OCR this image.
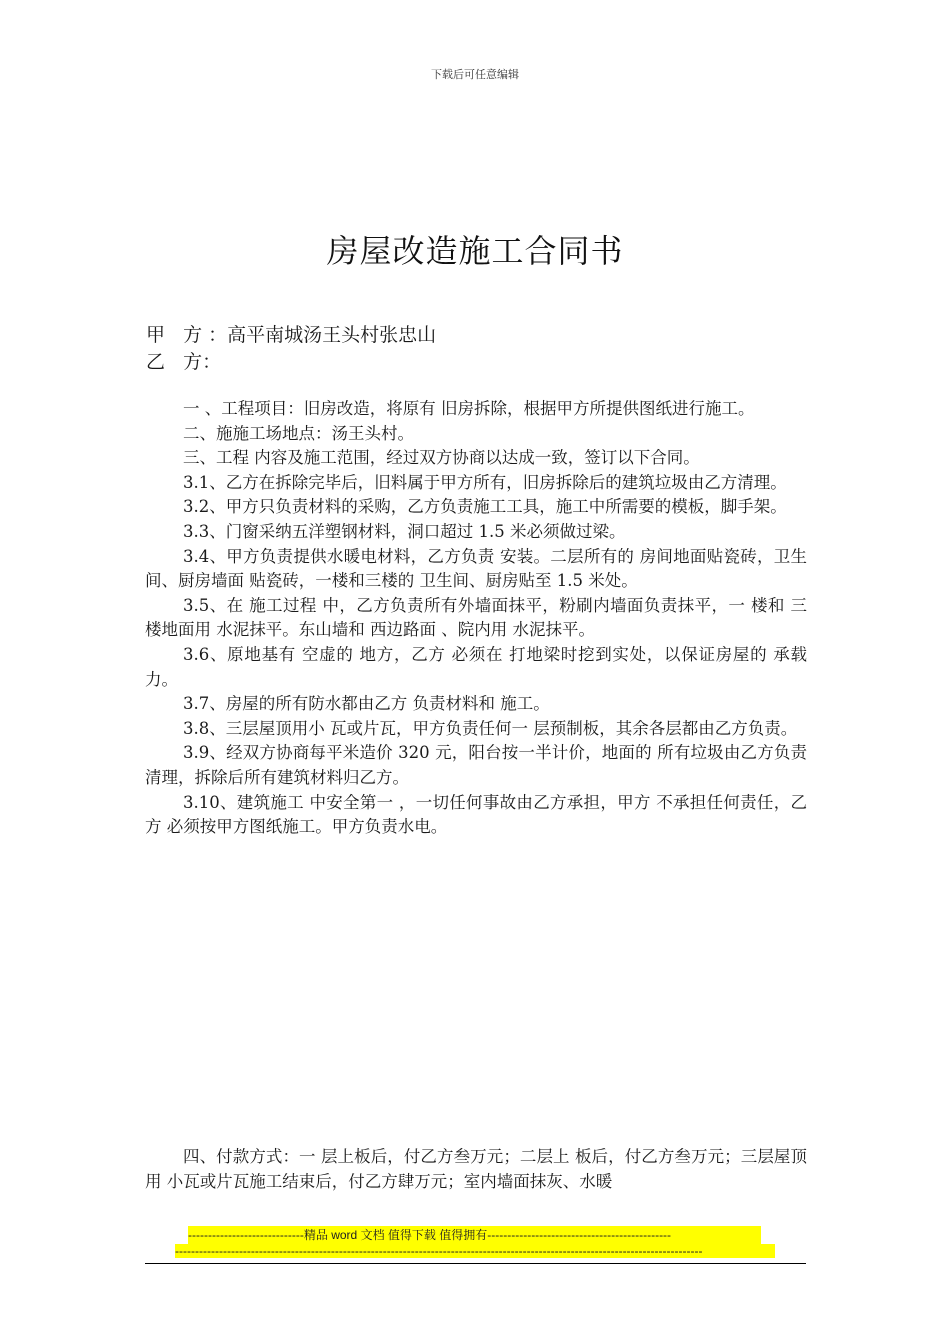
下载后可任意编辑
房屋改造施工合同书
甲   方 ：高平南城汤王头村张忠山
乙   方：

一 、工程项目：旧房改造，将原有 旧房拆除，根据甲方所提供图纸进行施工。

二、施施工场地点：汤王头村。

三、工程 内容及施工范围，经过双方协商以达成一致，签订以下合同。

3.1、乙方在拆除完毕后，旧料属于甲方所有，旧房拆除后的建筑垃圾由乙方清理。

3.2、甲方只负责材料的采购，乙方负责施工工具，施工中所需要的模板，脚手架。

3.3、门窗采纳五洋塑钢材料，洞口超过 1.5 米必须做过梁。

3.4、甲方负责提供水暖电材料，乙方负责 安装。二层所有的 房间地面贴瓷砖，卫生间、厨房墙面 贴瓷砖，一楼和三楼的 卫生间、厨房贴至 1.5 米处。

3.5、在 施工过程 中，乙方负责所有外墙面抹平，粉刷内墙面负责抹平，一 楼和 三楼地面用 水泥抹平。东山墙和 西边路面 、院内用 水泥抹平。

3.6、原地基有 空虚的 地方，乙方 必须在 打地梁时挖到实处，以保证房屋的 承载力。

3.7、房屋的所有防水都由乙方 负责材料和 施工。

3.8、三层屋顶用小 瓦或片瓦，甲方负责任何一 层预制板，其余各层都由乙方负责。

3.9、经双方协商每平米造价 320 元，阳台按一半计价，地面的 所有垃圾由乙方负责清理，拆除后所有建筑材料归乙方。

3.10、建筑施工 中安全第一 ，一切任何事故由乙方承担，甲方 不承担任何责任，乙方 必须按甲方图纸施工。甲方负责水电。

四、付款方式：一 层上板后，付乙方叁万元；二层上 板后，付乙方叁万元；三层屋顶用 小瓦或片瓦施工结束后，付乙方肆万元；室内墙面抹灰、水暖

-----------------------------精品 word 文档 值得下载 值得拥有----------------------------------------------
------------------------------------------------------------------------------------------------------------------------------------
